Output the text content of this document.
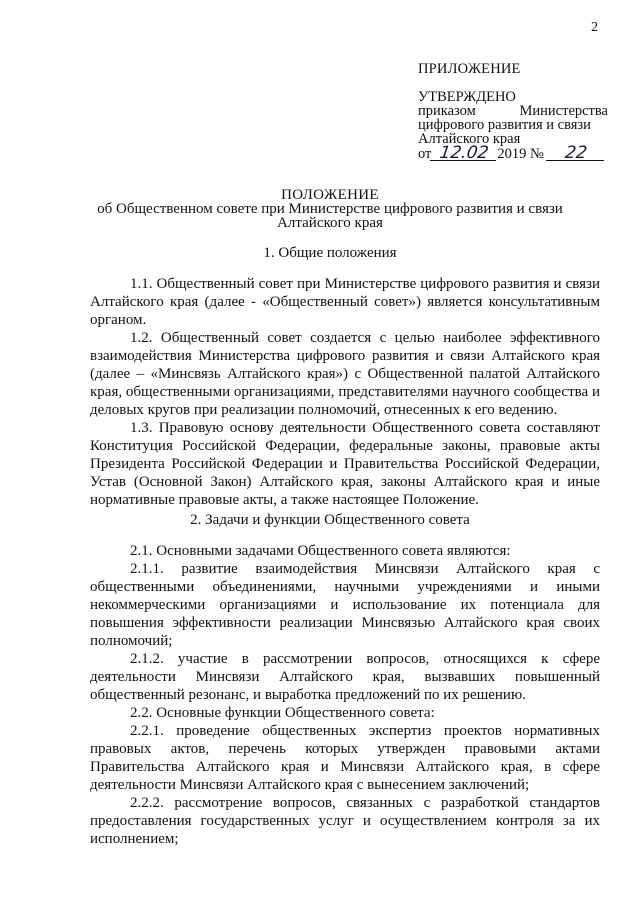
2
ПРИЛОЖЕНИЕ
УТВЕРЖДЕНО
приказом Министерства
цифрового развития и связи
Алтайского края
от 12.02 2019 №	22
ПОЛОЖЕНИЕ
об Общественном совете при Министерстве цифрового развития и связи
Алтайского края
1. Общие положения

1.1. Общественный совет при Министерстве цифрового развития и связи Алтайского края (далее - «Общественный совет») является консультативным органом.

1.2. Общественный совет создается с целью наиболее эффективного взаимодействия Министерства цифрового развития и связи Алтайского края (далее – «Минсвязь Алтайского края») с Общественной палатой Алтайского края, общественными организациями, представителями научного сообщества и деловых кругов при реализации полномочий, отнесенных к его ведению.

1.3. Правовую основу деятельности Общественного совета составляют Конституция Российской Федерации, федеральные законы, правовые акты Президента Российской Федерации и Правительства Российской Федерации, Устав (Основной Закон) Алтайского края, законы Алтайского края и иные нормативные правовые акты, а также настоящее Положение.

2. Задачи и функции Общественного совета

2.1. Основными задачами Общественного совета являются:

2.1.1. развитие взаимодействия Минсвязи Алтайского края с общественными объединениями, научными учреждениями и иными некоммерческими организациями и использование их потенциала для повышения эффективности реализации Минсвязью Алтайского края своих полномочий;

2.1.2. участие в рассмотрении вопросов, относящихся к сфере деятельности Минсвязи Алтайского края, вызвавших повышенный общественный резонанс, и выработка предложений по их решению.

2.2. Основные функции Общественного совета:

2.2.1. проведение общественных экспертиз проектов нормативных правовых актов, перечень которых утвержден правовыми актами Правительства Алтайского края и Минсвязи Алтайского края, в сфере деятельности Минсвязи Алтайского края с вынесением заключений;

2.2.2. рассмотрение вопросов, связанных с разработкой стандартов предоставления государственных услуг и осуществлением контроля за их исполнением;
